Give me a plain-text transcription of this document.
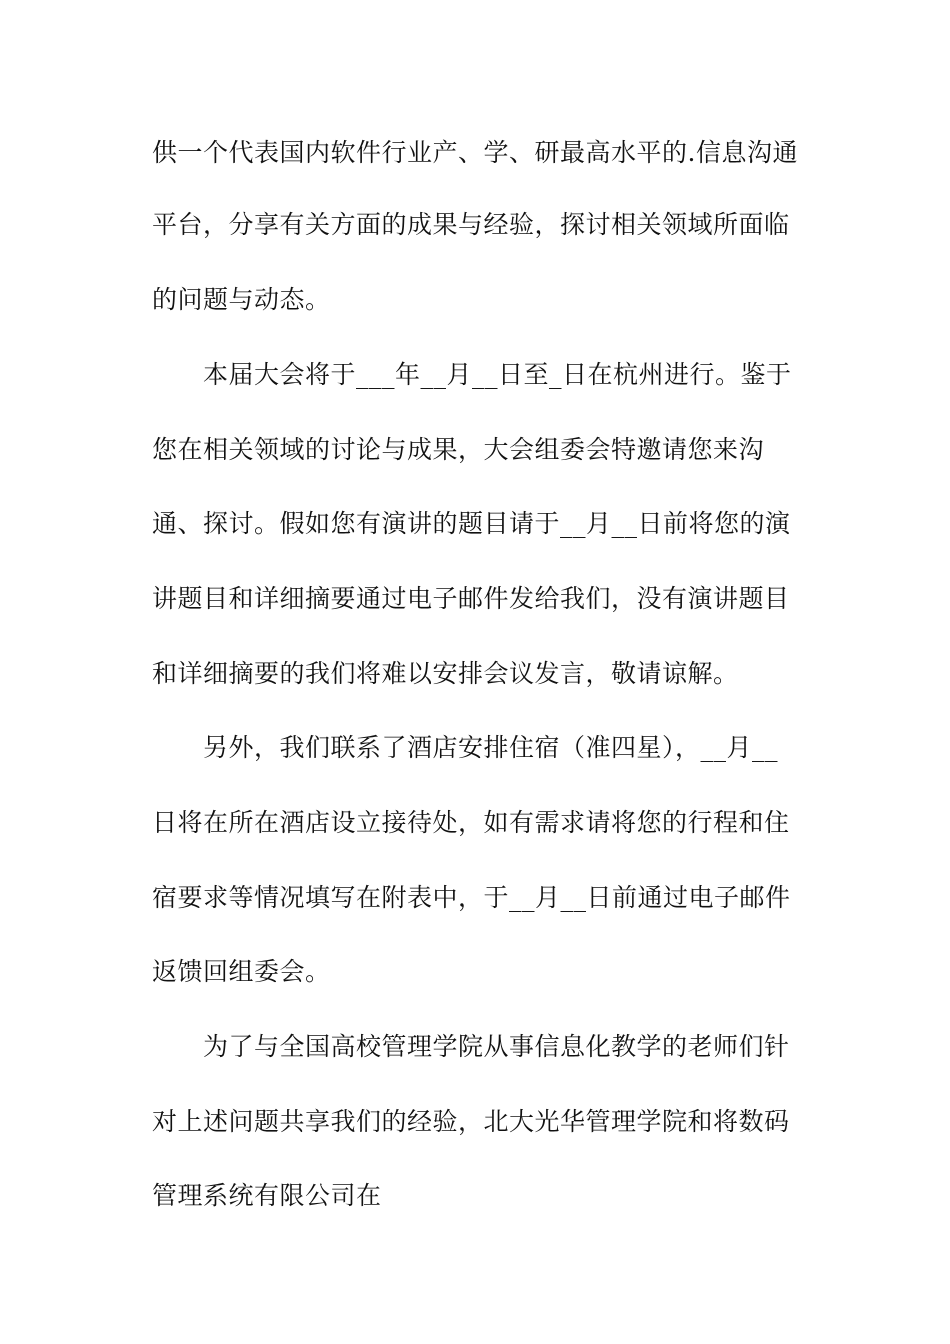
供一个代表国内软件行业产、学、研最高水平的.信息沟通
平台，分享有关方面的成果与经验，探讨相关领域所面临
的问题与动态。
本届大会将于___年__月__日至_日在杭州进行。鉴于
您在相关领域的讨论与成果，大会组委会特邀请您来沟
通、探讨。假如您有演讲的题目请于__月__日前将您的演
讲题目和详细摘要通过电子邮件发给我们，没有演讲题目
和详细摘要的我们将难以安排会议发言，敬请谅解。
另外，我们联系了酒店安排住宿（准四星），__月__
日将在所在酒店设立接待处，如有需求请将您的行程和住
宿要求等情况填写在附表中，于__月__日前通过电子邮件
返馈回组委会。
为了与全国高校管理学院从事信息化教学的老师们针
对上述问题共享我们的经验，北大光华管理学院和将数码
管理系统有限公司在
